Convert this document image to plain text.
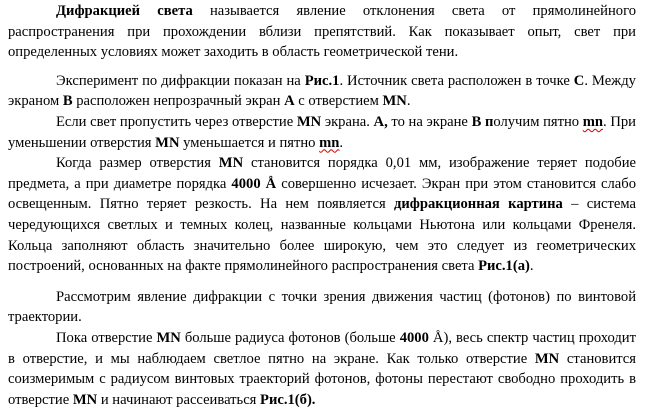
Дифракцией света называется явление отклонения света от прямолинейного распространения при прохождении вблизи препятствий. Как показывает опыт, свет при определенных условиях может заходить в область геометрической тени.

Эксперимент по дифракции показан на Рис.1. Источник света расположен в точке С. Между экраном В расположен непрозрачный экран А с отверстием MN.

Если свет пропустить через отверстие MN экрана. А, то на экране В получим пятно mn. При уменьшении отверстия MN уменьшается и пятно mn.

Когда размер отверстия MN становится порядка 0,01 мм, изображение теряет подобие предмета, а при диаметре порядка 4000 Å совершенно исчезает. Экран при этом становится слабо освещенным. Пятно теряет резкость. На нем появляется дифракционная картина – система чередующихся светлых и темных колец, названные кольцами Ньютона или кольцами Френеля. Кольца заполняют область значительно более широкую, чем это следует из геометрических построений, основанных на факте прямолинейного распространения света Рис.1(а).

Рассмотрим явление дифракции с точки зрения движения частиц (фотонов) по винтовой траектории.

Пока отверстие MN больше радиуса фотонов (больше 4000 Å), весь спектр частиц проходит в отверстие, и мы наблюдаем светлое пятно на экране. Как только отверстие MN становится соизмеримым с радиусом винтовых траекторий фотонов, фотоны перестают свободно проходить в отверстие MN и начинают рассеиваться Рис.1(б).
